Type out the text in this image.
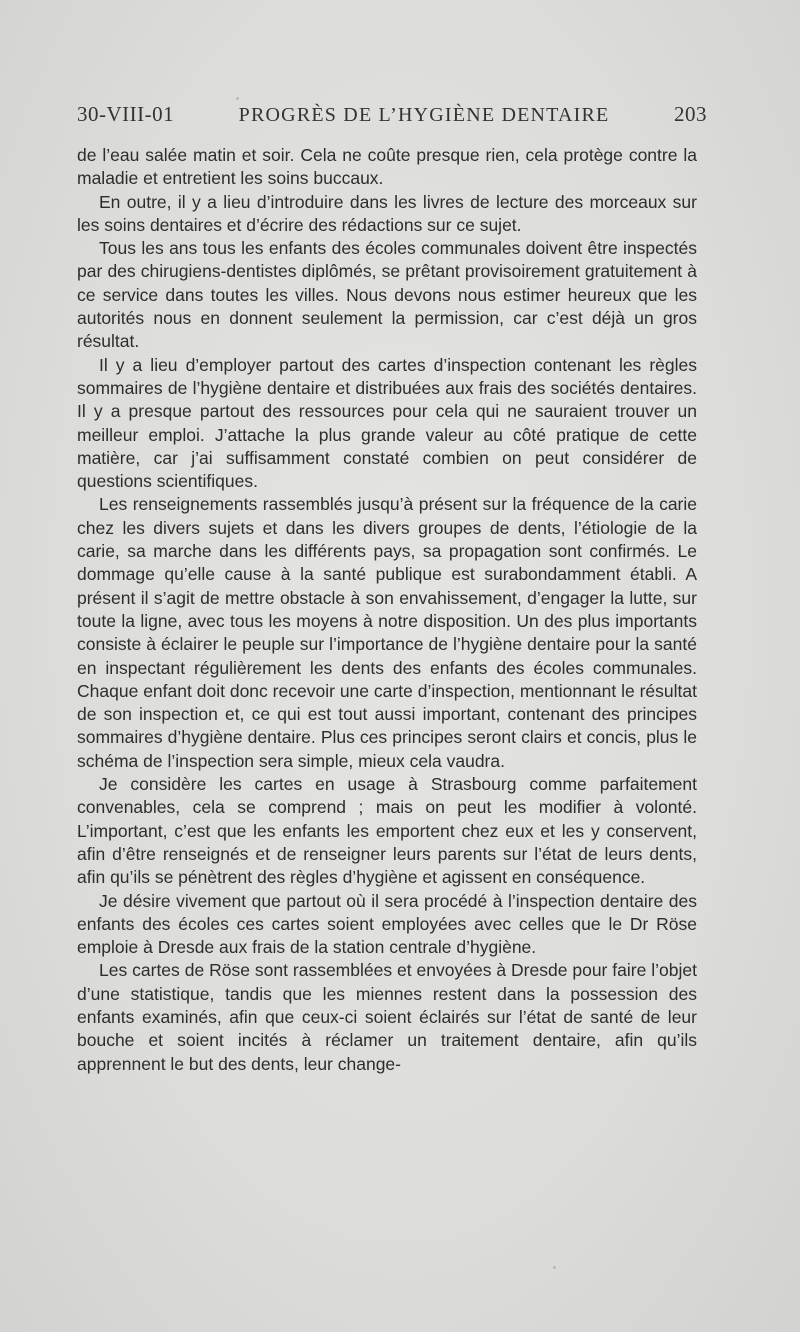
30-VIII-01	PROGRÈS DE L’HYGIÈNE DENTAIRE	203

de l’eau salée matin et soir. Cela ne coûte presque rien, cela protège contre la maladie et entretient les soins buccaux.

En outre, il y a lieu d’introduire dans les livres de lecture des morceaux sur les soins dentaires et d’écrire des rédactions sur ce sujet.

Tous les ans tous les enfants des écoles communales doivent être inspectés par des chirugiens-dentistes diplômés, se prêtant provisoirement gratuitement à ce service dans toutes les villes. Nous devons nous estimer heureux que les autorités nous en donnent seulement la permission, car c’est déjà un gros résultat.

Il y a lieu d’employer partout des cartes d’inspection contenant les règles sommaires de l’hygiène dentaire et distribuées aux frais des sociétés dentaires. Il y a presque partout des ressources pour cela qui ne sauraient trouver un meilleur emploi. J’attache la plus grande valeur au côté pratique de cette matière, car j’ai suffisamment constaté combien on peut considérer de questions scientifiques.

Les renseignements rassemblés jusqu’à présent sur la fréquence de la carie chez les divers sujets et dans les divers groupes de dents, l’étiologie de la carie, sa marche dans les différents pays, sa propagation sont confirmés. Le dommage qu’elle cause à la santé publique est surabondamment établi. A présent il s’agit de mettre obstacle à son envahissement, d’engager la lutte, sur toute la ligne, avec tous les moyens à notre disposition. Un des plus importants consiste à éclairer le peuple sur l’importance de l’hygiène dentaire pour la santé en inspectant régulièrement les dents des enfants des écoles communales. Chaque enfant doit donc recevoir une carte d’inspection, mentionnant le résultat de son inspection et, ce qui est tout aussi important, contenant des principes sommaires d’hygiène dentaire. Plus ces principes seront clairs et concis, plus le schéma de l’inspection sera simple, mieux cela vaudra.

Je considère les cartes en usage à Strasbourg comme parfaitement convenables, cela se comprend ; mais on peut les modifier à volonté. L’important, c’est que les enfants les emportent chez eux et les y conservent, afin d’être renseignés et de renseigner leurs parents sur l’état de leurs dents, afin qu’ils se pénètrent des règles d’hygiène et agissent en conséquence.

Je désire vivement que partout où il sera procédé à l’inspection dentaire des enfants des écoles ces cartes soient employées avec celles que le Dr Röse emploie à Dresde aux frais de la station centrale d’hygiène.

Les cartes de Röse sont rassemblées et envoyées à Dresde pour faire l’objet d’une statistique, tandis que les miennes restent dans la possession des enfants examinés, afin que ceux-ci soient éclairés sur l’état de santé de leur bouche et soient incités à réclamer un traitement dentaire, afin qu’ils apprennent le but des dents, leur change-
